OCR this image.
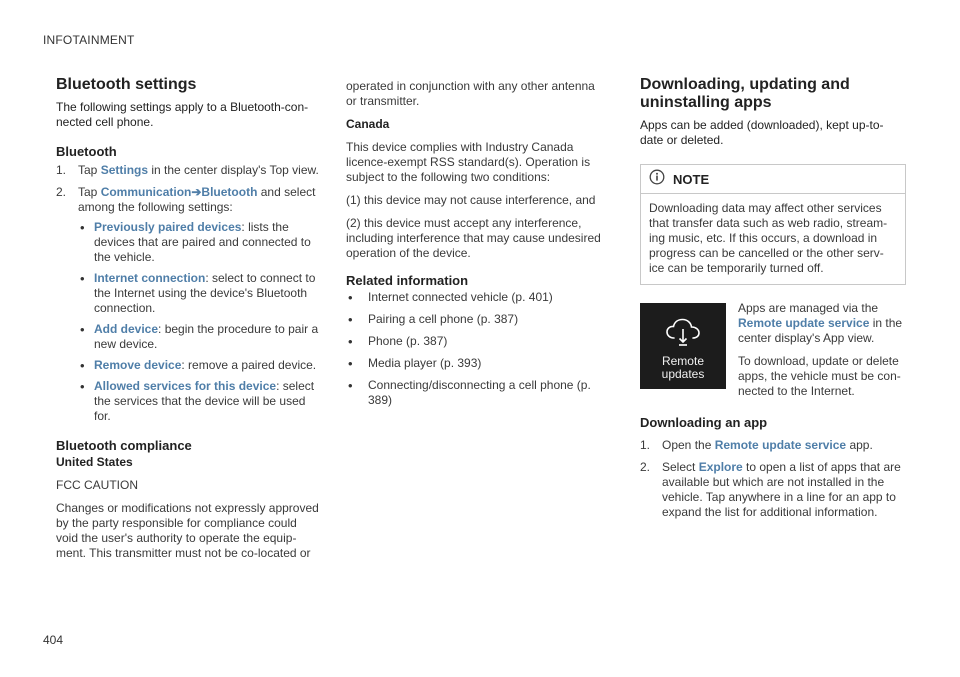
INFOTAINMENT
Bluetooth settings

The following settings apply to a Bluetooth-con- nected cell phone.

Bluetooth
1. Tap Settings in the center display's Top view.
2. Tap Communication➔Bluetooth and select among the following settings:
• Previously paired devices: lists the devices that are paired and connected to the vehicle.
• Internet connection: select to connect to the Internet using the device's Bluetooth connection.
• Add device: begin the procedure to pair a new device.
• Remove device: remove a paired device.
• Allowed services for this device: select the services that the device will be used for.
Bluetooth compliance
United States

FCC CAUTION

Changes or modifications not expressly approved by the party responsible for compliance could void the user's authority to operate the equip- ment. This transmitter must not be co-located or

operated in conjunction with any other antenna or transmitter.

Canada

This device complies with Industry Canada licence-exempt RSS standard(s). Operation is subject to the following two conditions:

(1) this device may not cause interference, and

(2) this device must accept any interference, including interference that may cause undesired operation of the device.

Related information
• Internet connected vehicle (p. 401)
• Pairing a cell phone (p. 387)
• Phone (p. 387)
• Media player (p. 393)
• Connecting/disconnecting a cell phone (p. 389)
Downloading, updating and uninstalling apps

Apps can be added (downloaded), kept up-to- date or deleted.

NOTE
Downloading data may affect other services that transfer data such as web radio, stream- ing music, etc. If this occurs, a download in progress can be cancelled or the other serv- ice can be temporarily turned off.
Remote
updates

Apps are managed via the Remote update service in the center display's App view.

To download, update or delete apps, the vehicle must be con- nected to the Internet.

Downloading an app
1. Open the Remote update service app.
2. Select Explore to open a list of apps that are available but which are not installed in the vehicle. Tap anywhere in a line for an app to expand the list for additional information.
404
